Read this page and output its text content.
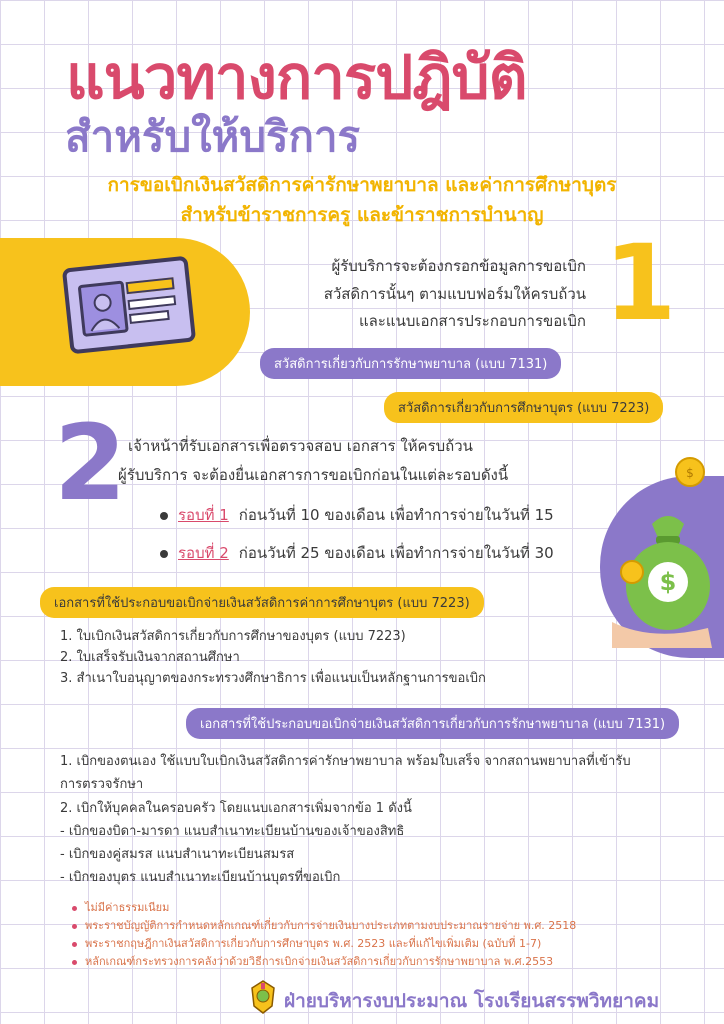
แนวทางการปฎิบัติ
สำหรับให้บริการ
การขอเบิกเงินสวัสดิการค่ารักษาพยาบาล และค่าการศึกษาบุตร
สำหรับข้าราชการครู และข้าราชการบำนาญ
1
ผู้รับบริการจะต้องกรอกข้อมูลการขอเบิก
สวัสดิการนั้นๆ ตามแบบฟอร์มให้ครบถ้วน
และแนบเอกสารประกอบการขอเบิก
สวัสดิการเกี่ยวกับการรักษาพยาบาล (แบบ 7131)
สวัสดิการเกี่ยวกับการศึกษาบุตร (แบบ 7223)
2 เจ้าหน้าที่รับเอกสารเพื่อตรวจสอบ เอกสาร ให้ครบถ้วน
ผู้รับบริการ จะต้องยื่นเอกสารการขอเบิกก่อนในแต่ละรอบดังนี้
รอบที่ 1 ก่อนวันที่ 10 ของเดือน เพื่อทำการจ่ายในวันที่ 15
รอบที่ 2 ก่อนวันที่ 25 ของเดือน เพื่อทำการจ่ายในวันที่ 30
$
$
เอกสารที่ใช้ประกอบขอเบิกจ่ายเงินสวัสดิการค่าการศึกษาบุตร (แบบ 7223)
1. ใบเบิกเงินสวัสดิการเกี่ยวกับการศึกษาของบุตร (แบบ 7223)
2. ใบเสร็จรับเงินจากสถานศึกษา
3. สำเนาใบอนุญาตของกระทรวงศึกษาธิการ เพื่อแนบเป็นหลักฐานการขอเบิก
เอกสารที่ใช้ประกอบขอเบิกจ่ายเงินสวัสดิการเกี่ยวกับการรักษาพยาบาล (แบบ 7131)
1. เบิกของตนเอง ใช้แบบใบเบิกเงินสวัสดิการค่ารักษาพยาบาล พร้อมใบเสร็จ จากสถานพยาบาลที่เข้ารับ
การตรวจรักษา
2. เบิกให้บุคคลในครอบครัว โดยแนบเอกสารเพิ่มจากข้อ 1 ดังนี้
- เบิกของบิดา-มารดา แนบสำเนาทะเบียนบ้านของเจ้าของสิทธิ
- เบิกของคู่สมรส แนบสำเนาทะเบียนสมรส
- เบิกของบุตร แนบสำเนาทะเบียนบ้านบุตรที่ขอเบิก
ไม่มีค่าธรรมเนียม
พระราชบัญญัติการกำหนดหลักเกณฑ์เกี่ยวกับการจ่ายเงินบางประเภทตามงบประมาณรายจ่าย พ.ศ. 2518
พระราชกฤษฎีกาเงินสวัสดิการเกี่ยวกับการศึกษาบุตร พ.ศ. 2523 และที่แก้ไขเพิ่มเติม (ฉบับที่ 1-7)
หลักเกณฑ์กระทรวงการคลังว่าด้วยวิธีการเบิกจ่ายเงินสวัสดิการเกี่ยวกับการรักษาพยาบาล พ.ศ.2553
ฝ่ายบริหารงบประมาณ โรงเรียนสรรพวิทยาคม
